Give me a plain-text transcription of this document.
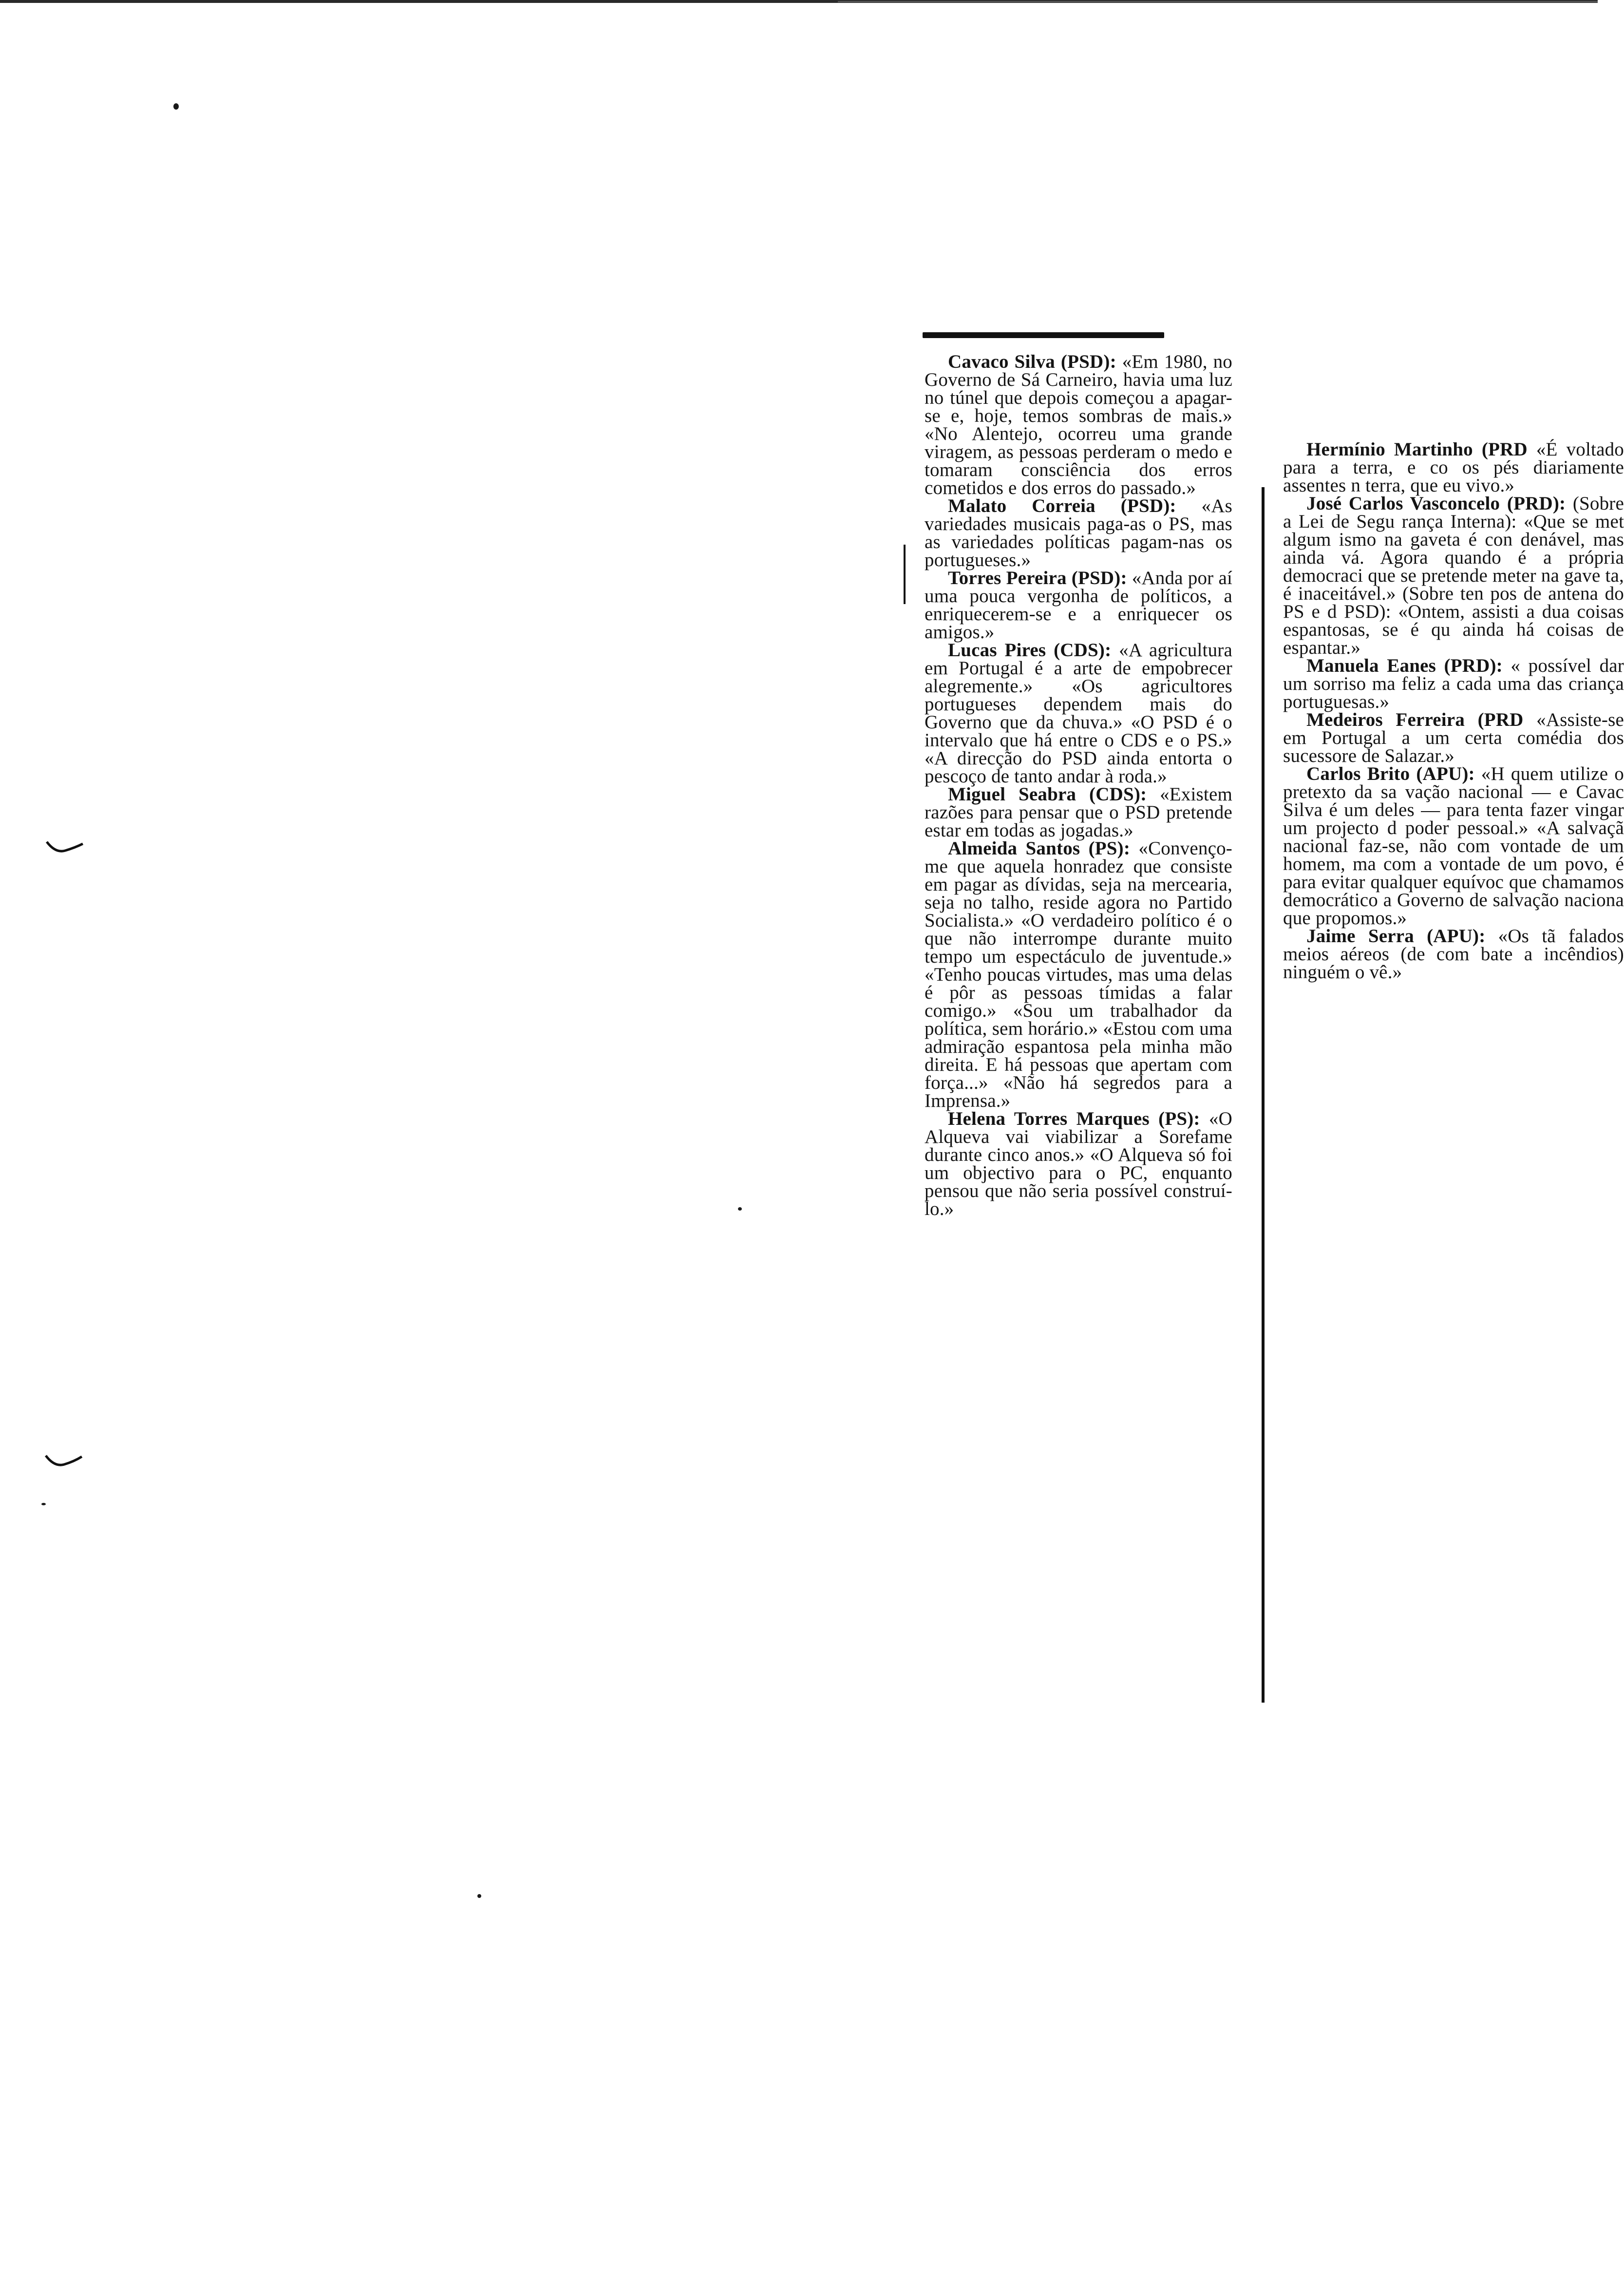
Cavaco Silva (PSD): «Em 1980, no Governo de Sá Carneiro, havia uma luz no túnel que depois começou a apagar-se e, hoje, temos sombras de mais.» «No Alentejo, ocorreu uma grande viragem, as pessoas perderam o medo e tomaram consciência dos erros cometidos e dos erros do passado.»

Malato Correia (PSD): «As variedades musicais paga-as o PS, mas as variedades políticas pagam-nas os portugueses.»

Torres Pereira (PSD): «Anda por aí uma pouca vergonha de políticos, a enriquecerem-se e a enriquecer os amigos.»

Lucas Pires (CDS): «A agricultura em Portugal é a arte de empobrecer alegremente.» «Os agricultores portugueses dependem mais do Governo que da chuva.» «O PSD é o intervalo que há entre o CDS e o PS.» «A direcção do PSD ainda entorta o pescoço de tanto andar à roda.»

Miguel Seabra (CDS): «Existem razões para pensar que o PSD pretende estar em todas as jogadas.»

Almeida Santos (PS): «Convenço-me que aquela honradez que consiste em pagar as dívidas, seja na mercearia, seja no talho, reside agora no Partido Socialista.» «O verdadeiro político é o que não interrompe durante muito tempo um espectáculo de juventude.» «Tenho poucas virtudes, mas uma delas é pôr as pessoas tímidas a falar comigo.» «Sou um trabalhador da política, sem horário.» «Estou com uma admiração espantosa pela minha mão direita. E há pessoas que apertam com força...» «Não há segredos para a Imprensa.»

Helena Torres Marques (PS): «O Alqueva vai viabilizar a Sorefame durante cinco anos.» «O Alqueva só foi um objectivo para o PC, enquanto pensou que não seria possível construí-lo.»

Hermínio Martinho (PRD «É voltado para a terra, e co os pés diariamente assentes n terra, que eu vivo.»

José Carlos Vasconcelo (PRD): (Sobre a Lei de Segu rança Interna): «Que se met algum ismo na gaveta é con denável, mas ainda vá. Agora quando é a própria democraci que se pretende meter na gave ta, é inaceitável.» (Sobre ten pos de antena do PS e d PSD): «Ontem, assisti a dua coisas espantosas, se é qu ainda há coisas de espantar.»

Manuela Eanes (PRD): « possível dar um sorriso ma feliz a cada uma das criança portuguesas.»

Medeiros Ferreira (PRD «Assiste-se em Portugal a um certa comédia dos sucessore de Salazar.»

Carlos Brito (APU): «H quem utilize o pretexto da sa vação nacional — e Cavac Silva é um deles — para tenta fazer vingar um projecto d poder pessoal.» «A salvaçã nacional faz-se, não com vontade de um homem, ma com a vontade de um povo, é para evitar qualquer equívoc que chamamos democrático a Governo de salvação naciona que propomos.»

Jaime Serra (APU): «Os tã falados meios aéreos (de com bate a incêndios) ninguém o vê.»
